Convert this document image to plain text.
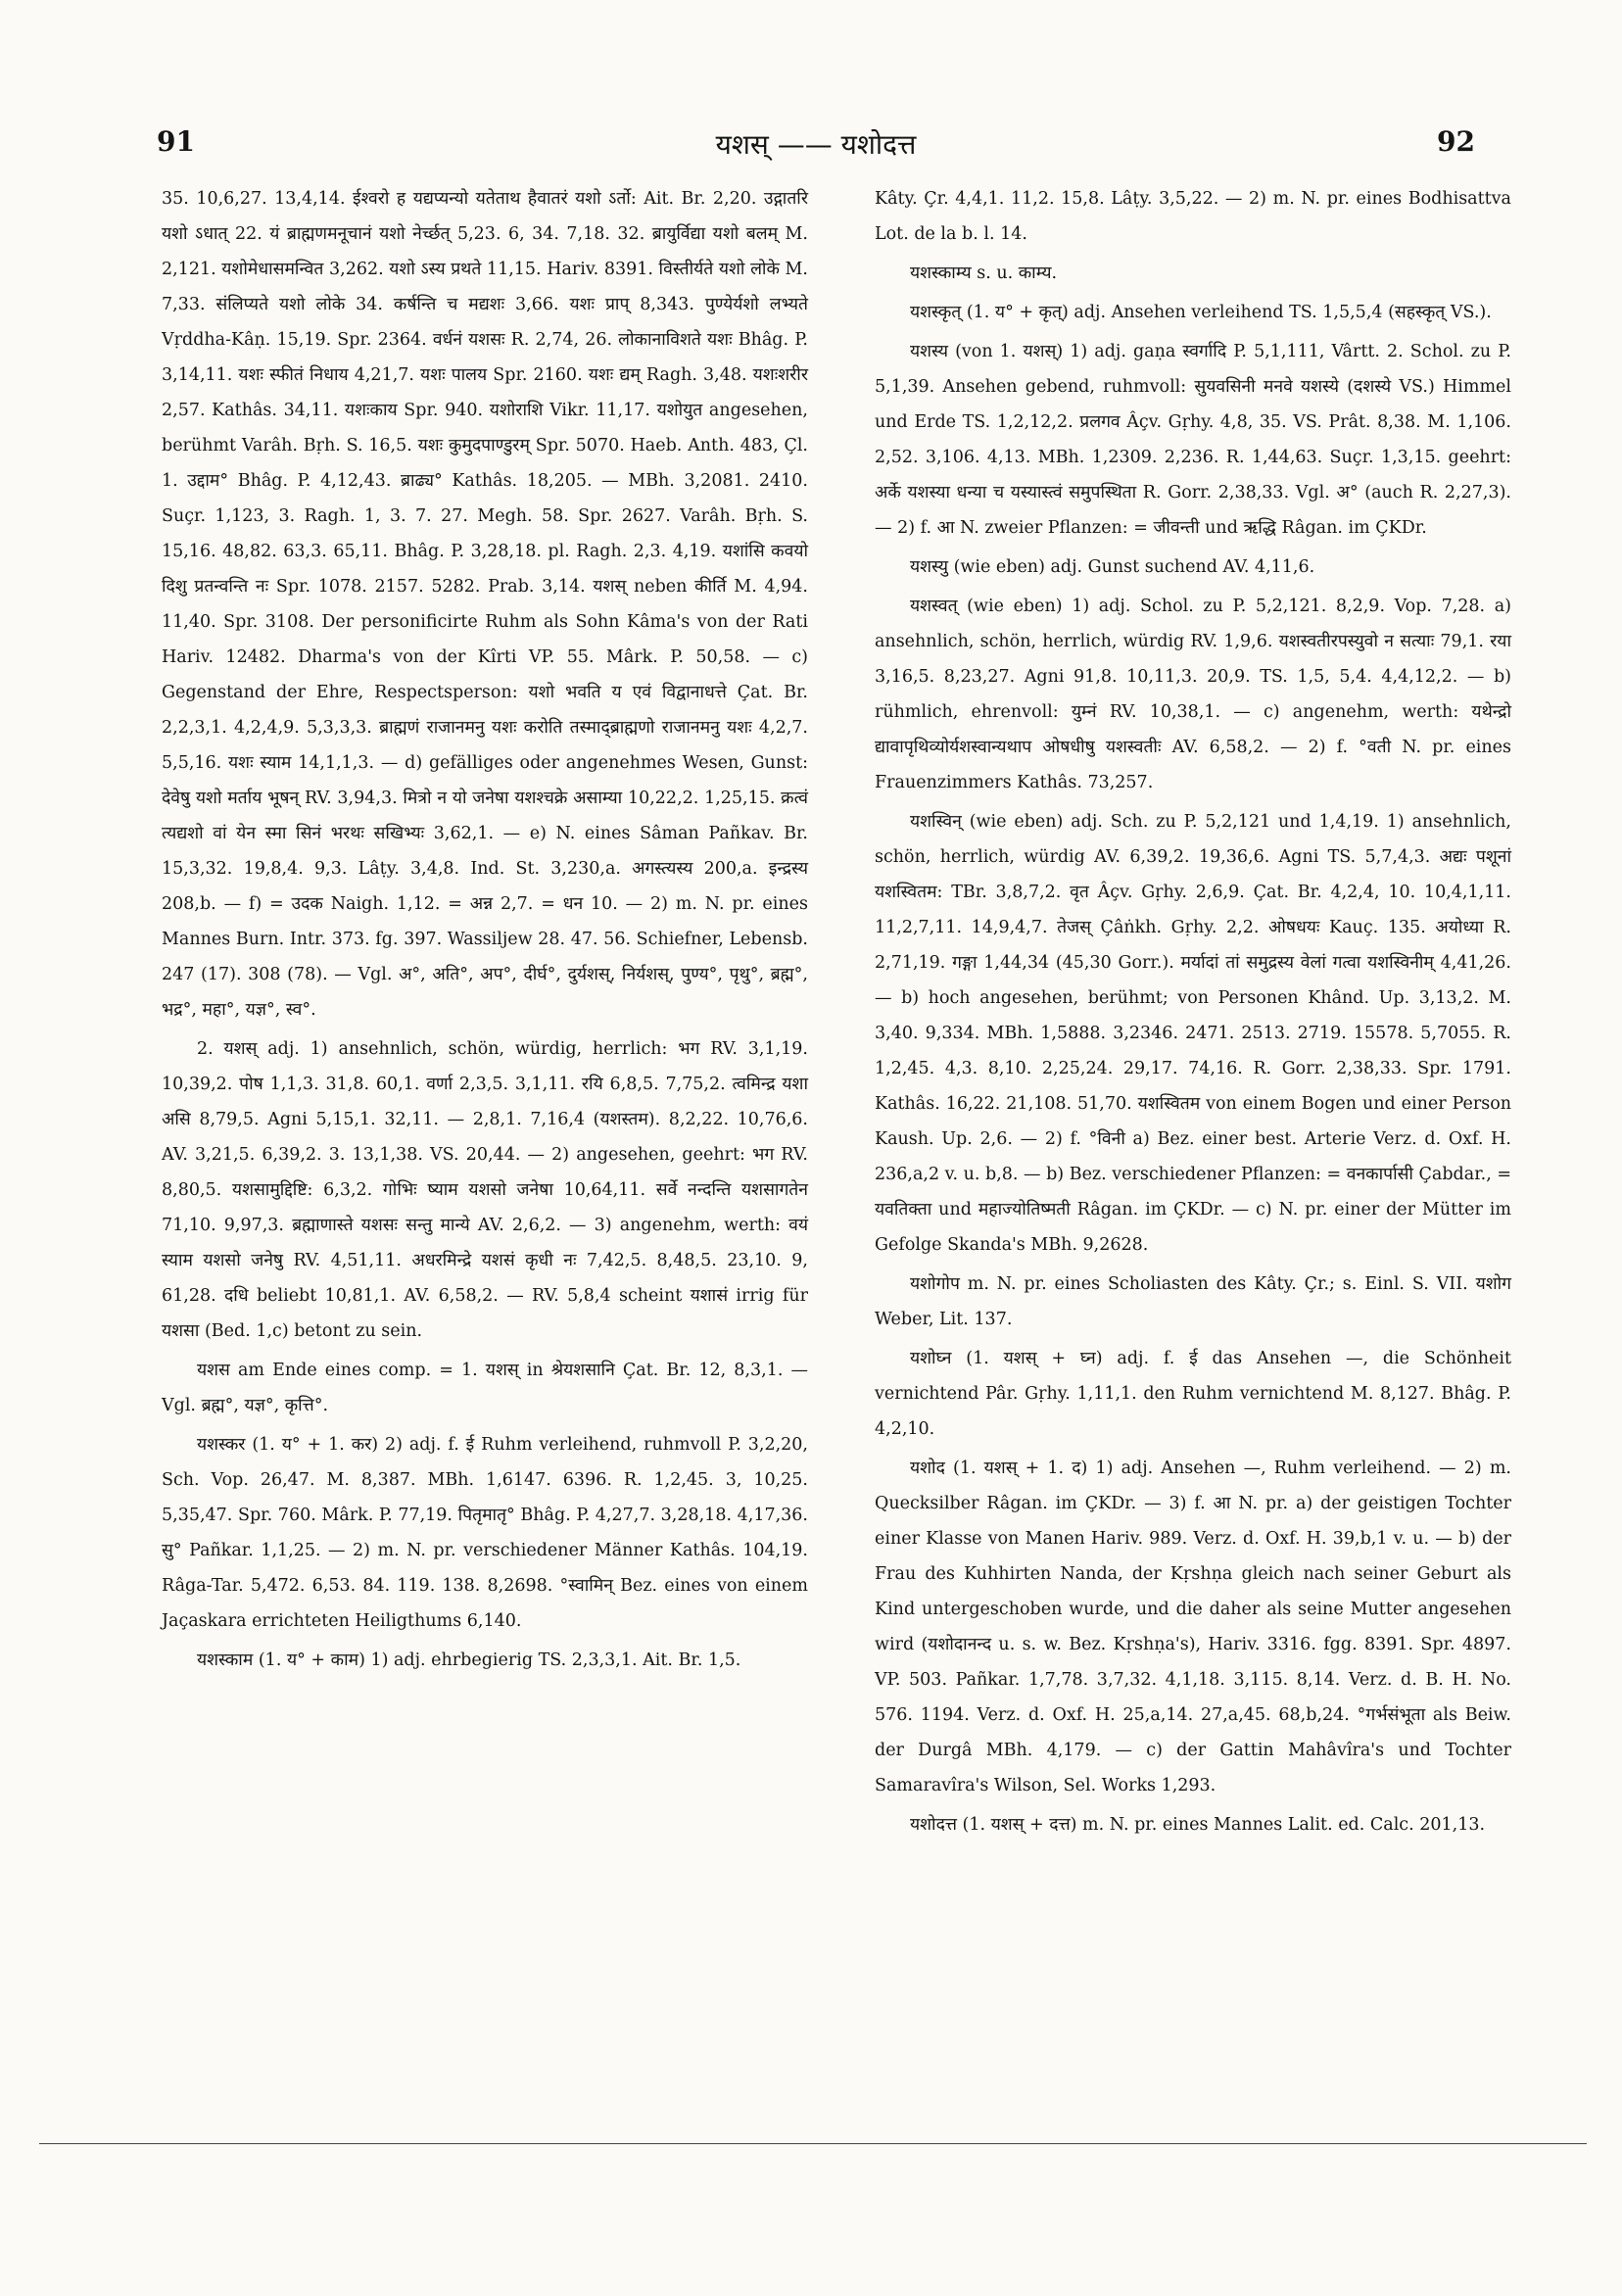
91	यशस् —— यशोदत्त	92

35. 10,6,27. 13,4,14. ईश्वरो ह यद्यप्यन्यो यतेताथ हैवातरं यशो ऽर्तो: Ait. Br. 2,20. उद्गातरि यशो ऽधात् 22. यं ब्राह्मणमनूचानं यशो नेर्च्छत् 5,23. 6, 34. 7,18. 32. ब्रायुर्विद्या यशो बलम् M. 2,121. यशोमेधासमन्वित 3,262. यशो ऽस्य प्रथते 11,15. Hariv. 8391. विस्तीर्यते यशो लोके M. 7,33. संलिप्यते यशो लोके 34. कर्षन्ति च मद्यशः 3,66. यशः प्राप् 8,343. पुण्येर्यशो लभ्यते Vṛddha-Kâṇ. 15,19. Spr. 2364. वर्धनं यशसः R. 2,74, 26. लोकानाविशते यशः Bhâg. P. 3,14,11. यशः स्फीतं निधाय 4,21,7. यशः पालय Spr. 2160. यशः द्यम् Ragh. 3,48. यशःशरीर 2,57. Kathâs. 34,11. यशःकाय Spr. 940. यशोराशि Vikr. 11,17. यशोयुत angesehen, berühmt Varâh. Bṛh. S. 16,5. यशः कुमुदपाण्डुरम् Spr. 5070. Haeb. Anth. 483, Çl. 1. उद्दाम° Bhâg. P. 4,12,43. ब्राढ्य° Kathâs. 18,205. — MBh. 3,2081. 2410. Suçr. 1,123, 3. Ragh. 1, 3. 7. 27. Megh. 58. Spr. 2627. Varâh. Bṛh. S. 15,16. 48,82. 63,3. 65,11. Bhâg. P. 3,28,18. pl. Ragh. 2,3. 4,19. यशांसि कवयो दिशु प्रतन्वन्ति नः Spr. 1078. 2157. 5282. Prab. 3,14. यशस् neben कीर्ति M. 4,94. 11,40. Spr. 3108. Der personificirte Ruhm als Sohn Kâma's von der Rati Hariv. 12482. Dharma's von der Kîrti VP. 55. Mârk. P. 50,58. — c) Gegenstand der Ehre, Respectsperson: यशो भवति य एवं विद्वानाधत्ते Çat. Br. 2,2,3,1. 4,2,4,9. 5,3,3,3. ब्राह्मणं राजानमनु यशः करोति तस्माद्ब्राह्मणो राजानमनु यशः 4,2,7. 5,5,16. यशः स्याम 14,1,1,3. — d) gefälliges oder angenehmes Wesen, Gunst: देवेषु यशो मर्ताय भूषन् RV. 3,94,3. मित्रो न यो जनेषा यशश्चक्रे असाम्या 10,22,2. 1,25,15. क्रत्वं त्यद्यशो वां येन स्मा सिनं भरथः सखिभ्यः 3,62,1. — e) N. eines Sâman Pañkav. Br. 15,3,32. 19,8,4. 9,3. Lâṭy. 3,4,8. Ind. St. 3,230,a. अगस्त्यस्य 200,a. इन्द्रस्य 208,b. — f) = उदक Naigh. 1,12. = अन्न 2,7. = धन 10. — 2) m. N. pr. eines Mannes Burn. Intr. 373. fg. 397. Wassiljew 28. 47. 56. Schiefner, Lebensb. 247 (17). 308 (78). — Vgl. अ°, अति°, अप°, दीर्घ°, दुर्यशस्, निर्यशस्, पुण्य°, पृथु°, ब्रह्म°, भद्र°, महा°, यज्ञ°, स्व°.

2. यशस् adj. 1) ansehnlich, schön, würdig, herrlich: भग RV. 3,1,19. 10,39,2. पोष 1,1,3. 31,8. 60,1. वर्णा 2,3,5. 3,1,11. रयि 6,8,5. 7,75,2. त्वमिन्द्र यशा असि 8,79,5. Agni 5,15,1. 32,11. — 2,8,1. 7,16,4 (यशस्तम). 8,2,22. 10,76,6. AV. 3,21,5. 6,39,2. 3. 13,1,38. VS. 20,44. — 2) angesehen, geehrt: भग RV. 8,80,5. यशसामुद्दिष्टि: 6,3,2. गोभिः ष्याम यशसो जनेषा 10,64,11. सर्वे नन्दन्ति यशसागतेन 71,10. 9,97,3. ब्रह्माणास्ते यशसः सन्तु मान्ये AV. 2,6,2. — 3) angenehm, werth: वयं स्याम यशसो जनेषु RV. 4,51,11. अधरमिन्द्रे यशसं कृधी नः 7,42,5. 8,48,5. 23,10. 9, 61,28. दधि beliebt 10,81,1. AV. 6,58,2. — RV. 5,8,4 scheint यशासं irrig für यशसा (Bed. 1,c) betont zu sein.

यशस am Ende eines comp. = 1. यशस् in श्रेयशसानि Çat. Br. 12, 8,3,1. — Vgl. ब्रह्म°, यज्ञ°, कृत्ति°.

यशस्कर (1. य° + 1. कर) 2) adj. f. ई Ruhm verleihend, ruhmvoll P. 3,2,20, Sch. Vop. 26,47. M. 8,387. MBh. 1,6147. 6396. R. 1,2,45. 3, 10,25. 5,35,47. Spr. 760. Mârk. P. 77,19. पितृमातृ° Bhâg. P. 4,27,7. 3,28,18. 4,17,36. सु° Pañkar. 1,1,25. — 2) m. N. pr. verschiedener Männer Kathâs. 104,19. Râga-Tar. 5,472. 6,53. 84. 119. 138. 8,2698. °स्वामिन् Bez. eines von einem Jaçaskara errichteten Heiligthums 6,140.

यशस्काम (1. य° + काम) 1) adj. ehrbegierig TS. 2,3,3,1. Ait. Br. 1,5.

Kâty. Çr. 4,4,1. 11,2. 15,8. Lâṭy. 3,5,22. — 2) m. N. pr. eines Bodhisattva Lot. de la b. l. 14.

यशस्काम्य s. u. काम्य.

यशस्कृत् (1. य° + कृत्) adj. Ansehen verleihend TS. 1,5,5,4 (सहस्कृत् VS.).

यशस्य (von 1. यशस्) 1) adj. gaṇa स्वर्गादि P. 5,1,111, Vârtt. 2. Schol. zu P. 5,1,39. Ansehen gebend, ruhmvoll: सुयवसिनी मनवे यशस्ये (दशस्ये VS.) Himmel und Erde TS. 1,2,12,2. प्रलगव Âçv. Gṛhy. 4,8, 35. VS. Prât. 8,38. M. 1,106. 2,52. 3,106. 4,13. MBh. 1,2309. 2,236. R. 1,44,63. Suçr. 1,3,15. geehrt: अर्के यशस्या धन्या च यस्यास्त्वं समुपस्थिता R. Gorr. 2,38,33. Vgl. अ° (auch R. 2,27,3). — 2) f. आ N. zweier Pflanzen: = जीवन्ती und ऋद्धि Râgan. im ÇKDr.

यशस्यु (wie eben) adj. Gunst suchend AV. 4,11,6.

यशस्वत् (wie eben) 1) adj. Schol. zu P. 5,2,121. 8,2,9. Vop. 7,28. a) ansehnlich, schön, herrlich, würdig RV. 1,9,6. यशस्वतीरपस्युवो न सत्याः 79,1. रया 3,16,5. 8,23,27. Agni 91,8. 10,11,3. 20,9. TS. 1,5, 5,4. 4,4,12,2. — b) rühmlich, ehrenvoll: युम्नं RV. 10,38,1. — c) angenehm, werth: यथेन्द्रो द्यावापृथिव्योर्यशस्वान्यथाप ओषधीषु यशस्वतीः AV. 6,58,2. — 2) f. °वती N. pr. eines Frauenzimmers Kathâs. 73,257.

यशस्विन् (wie eben) adj. Sch. zu P. 5,2,121 und 1,4,19. 1) ansehnlich, schön, herrlich, würdig AV. 6,39,2. 19,36,6. Agni TS. 5,7,4,3. अद्यः पशूनां यशस्वितम: TBr. 3,8,7,2. वृत Âçv. Gṛhy. 2,6,9. Çat. Br. 4,2,4, 10. 10,4,1,11. 11,2,7,11. 14,9,4,7. तेजस् Çâṅkh. Gṛhy. 2,2. ओषधयः Kauç. 135. अयोध्या R. 2,71,19. गङ्गा 1,44,34 (45,30 Gorr.). मर्यादां तां समुद्रस्य वेलां गत्वा यशस्विनीम् 4,41,26. — b) hoch angesehen, berühmt; von Personen Khând. Up. 3,13,2. M. 3,40. 9,334. MBh. 1,5888. 3,2346. 2471. 2513. 2719. 15578. 5,7055. R. 1,2,45. 4,3. 8,10. 2,25,24. 29,17. 74,16. R. Gorr. 2,38,33. Spr. 1791. Kathâs. 16,22. 21,108. 51,70. यशस्वितम von einem Bogen und einer Person Kaush. Up. 2,6. — 2) f. °विनी a) Bez. einer best. Arterie Verz. d. Oxf. H. 236,a,2 v. u. b,8. — b) Bez. verschiedener Pflanzen: = वनकार्पासी Çabdar., = यवतिक्ता und महाज्योतिष्मती Râgan. im ÇKDr. — c) N. pr. einer der Mütter im Gefolge Skanda's MBh. 9,2628.

यशोगोप m. N. pr. eines Scholiasten des Kâty. Çr.; s. Einl. S. VII. यशोग Weber, Lit. 137.

यशोघ्न (1. यशस् + घ्न) adj. f. ई das Ansehen —, die Schönheit vernichtend Pâr. Gṛhy. 1,11,1. den Ruhm vernichtend M. 8,127. Bhâg. P. 4,2,10.

यशोद (1. यशस् + 1. द) 1) adj. Ansehen —, Ruhm verleihend. — 2) m. Quecksilber Râgan. im ÇKDr. — 3) f. आ N. pr. a) der geistigen Tochter einer Klasse von Manen Hariv. 989. Verz. d. Oxf. H. 39,b,1 v. u. — b) der Frau des Kuhhirten Nanda, der Kṛshṇa gleich nach seiner Geburt als Kind untergeschoben wurde, und die daher als seine Mutter angesehen wird (यशोदानन्द u. s. w. Bez. Kṛshṇa's), Hariv. 3316. fgg. 8391. Spr. 4897. VP. 503. Pañkar. 1,7,78. 3,7,32. 4,1,18. 3,115. 8,14. Verz. d. B. H. No. 576. 1194. Verz. d. Oxf. H. 25,a,14. 27,a,45. 68,b,24. °गर्भसंभूता als Beiw. der Durgâ MBh. 4,179. — c) der Gattin Mahâvîra's und Tochter Samaravîra's Wilson, Sel. Works 1,293.

यशोदत्त (1. यशस् + दत्त) m. N. pr. eines Mannes Lalit. ed. Calc. 201,13.
